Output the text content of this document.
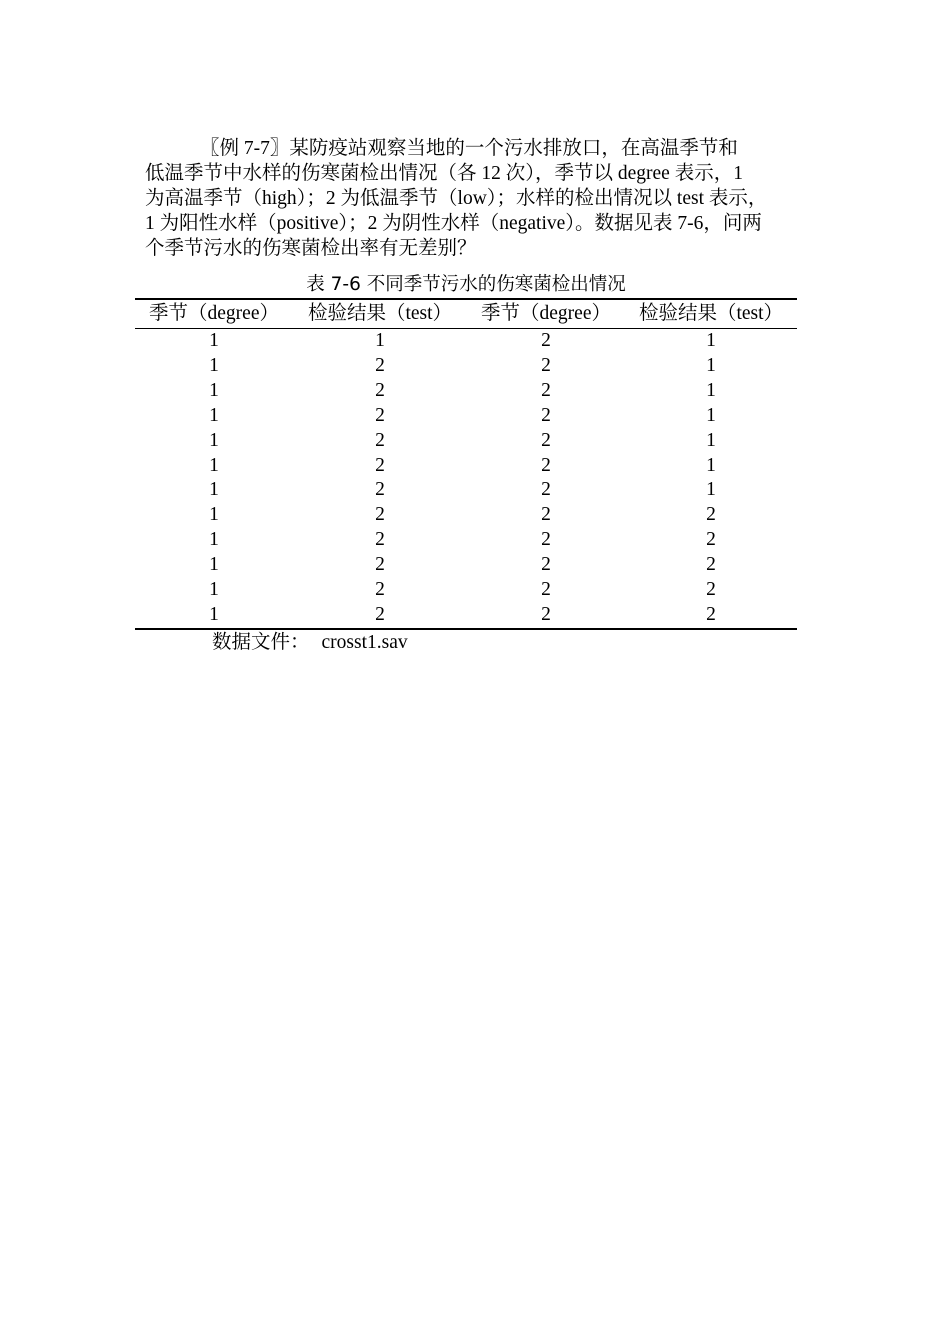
〖例 7-7〗某防疫站观察当地的一个污水排放口，在高温季节和
低温季节中水样的伤寒菌检出情况（各 12 次），季节以 degree 表示，1
为高温季节（high）；2 为低温季节（low）；水样的检出情况以 test 表示，
1 为阳性水样（positive）；2 为阴性水样（negative）。数据见表 7-6，问两
个季节污水的伤寒菌检出率有无差别？
表 7-6 不同季节污水的伤寒菌检出情况
季节（degree）	检验结果（test）	季节（degree）	检验结果（test）
1	1	2	1
1	2	2	1
1	2	2	1
1	2	2	1
1	2	2	1
1	2	2	1
1	2	2	1
1	2	2	2
1	2	2	2
1	2	2	2
1	2	2	2
1	2	2	2
数据文件： crosst1.sav
